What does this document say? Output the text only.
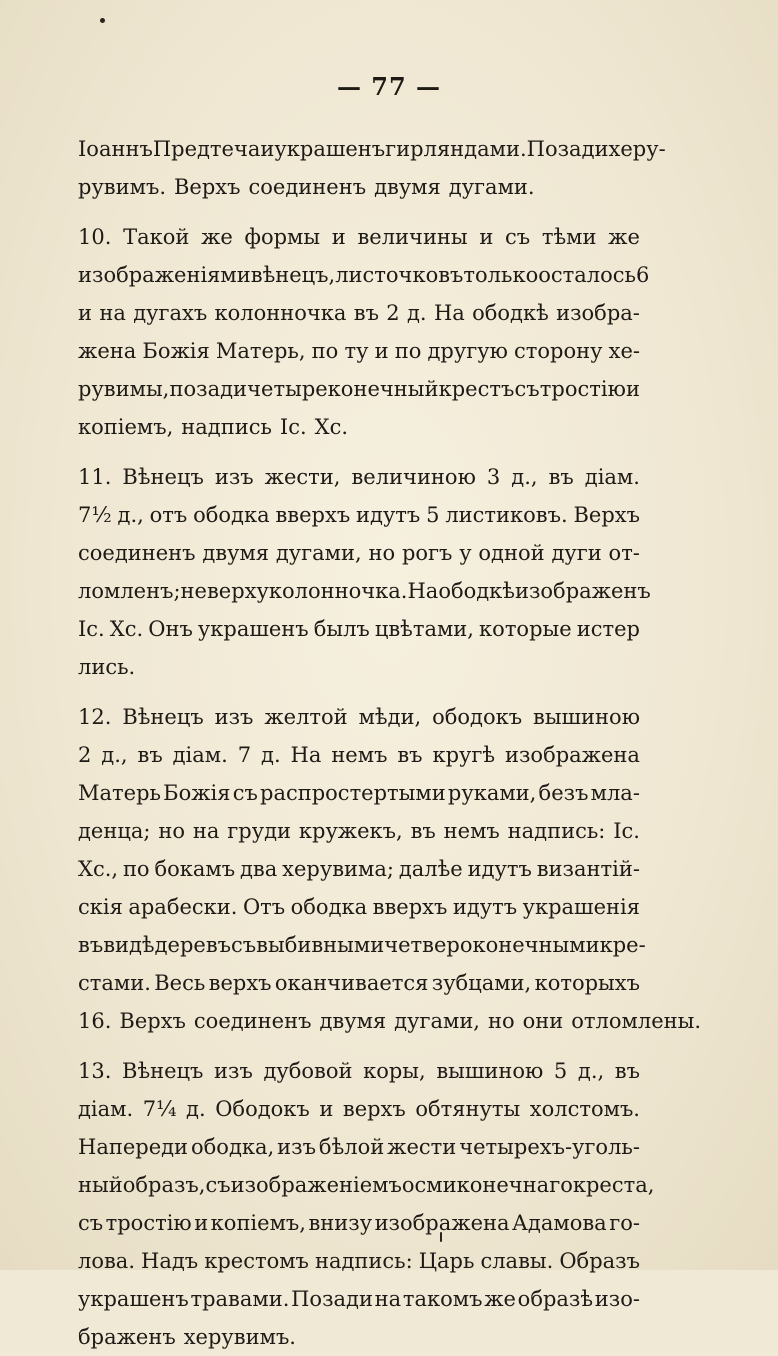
— 77 —
Іоаннъ Предтеча и украшенъ гирляндами. Позади херу-
рувимъ. Верхъ соединенъ двумя дугами.
10. Такой же формы и величины и съ тѣми же
изображеніями вѣнецъ, листочковъ только осталось 6
и на дугахъ колонночка въ 2 д. На ободкѣ изобра-
жена Божія Матерь, по ту и по другую сторону хе-
рувимы, позади четыреконечный крестъ съ тростію и
копіемъ, надпись Іс. Хс.
11. Вѣнецъ изъ жести, величиною 3 д., въ діам.
7½ д., отъ ободка вверхъ идутъ 5 листиковъ. Верхъ
соединенъ двумя дугами, но рогъ у одной дуги от-
ломленъ; не верху колонночка. На ободкѣ изображенъ
Іс. Хс. Онъ украшенъ былъ цвѣтами, которые истер
лись.
12. Вѣнецъ изъ желтой мѣди, ободокъ вышиною
2 д., въ діам. 7 д. На немъ въ кругѣ изображена
Матерь Божія съ распростертыми руками, безъ мла-
денца; но на груди кружекъ, въ немъ надпись: Іс.
Хс., по бокамъ два херувима; далѣе идутъ византій-
скія арабески. Отъ ободка вверхъ идутъ украшенія
въ видѣ деревъ съ выбивными четвероконечными кре-
стами. Весь верхъ оканчивается зубцами, которыхъ
16. Верхъ соединенъ двумя дугами, но они отломлены.
13. Вѣнецъ изъ дубовой коры, вышиною 5 д., въ
діам. 7¼ д. Ободокъ и верхъ обтянуты холстомъ.
Напереди ободка, изъ бѣлой жести четырехъ-уголь-
ный образъ, съ изображеніемъ осмиконечнаго креста,
съ тростію и копіемъ, внизу изображена Адамова го-
лова. Надъ крестомъ надпись: Царь славы. Образъ
украшенъ травами. Позади на такомъ же образѣ изо-
браженъ херувимъ.
